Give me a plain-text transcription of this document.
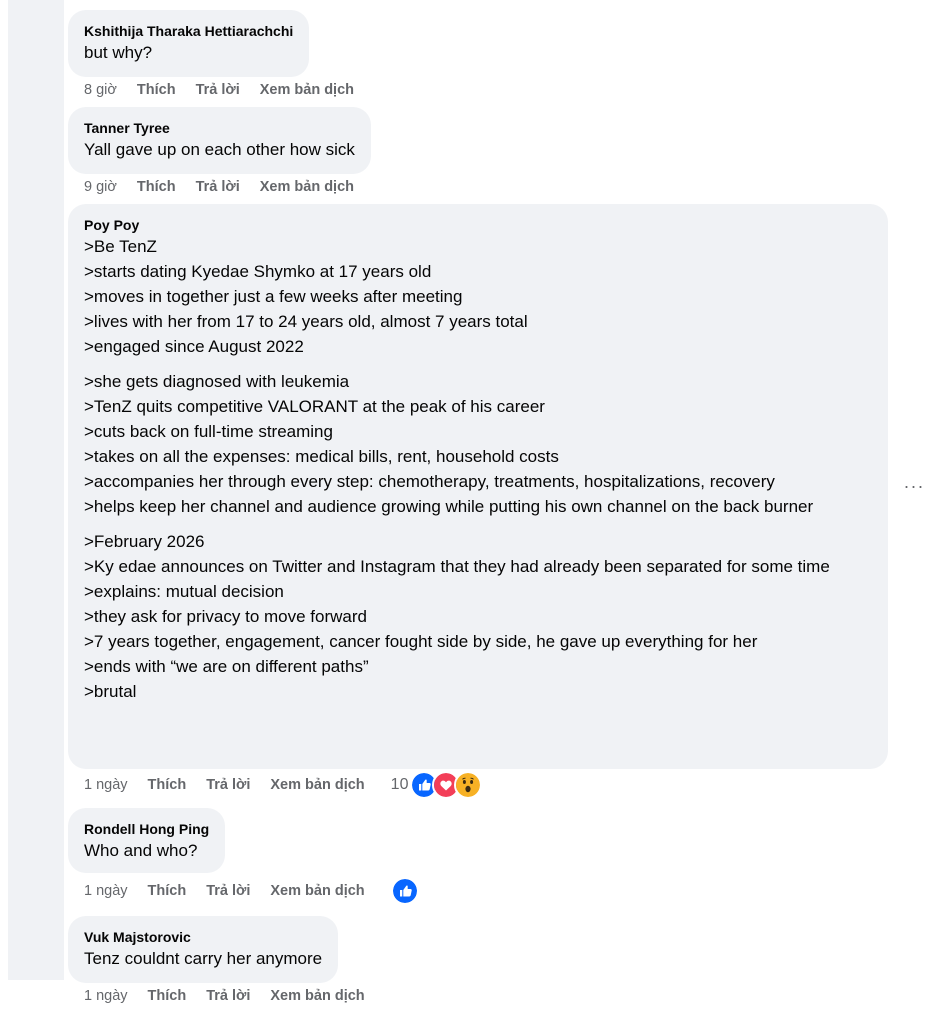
Kshithija Tharaka Hettiarachchi
but why?
8 giờ Thích Trả lời Xem bản dịch
Tanner Tyree
Yall gave up on each other how sick
9 giờ Thích Trả lời Xem bản dịch
Poy Poy
>Be TenZ
>starts dating Kyedae Shymko at 17 years old
>moves in together just a few weeks after meeting
>lives with her from 17 to 24 years old, almost 7 years total
>engaged since August 2022
>she gets diagnosed with leukemia
>TenZ quits competitive VALORANT at the peak of his career
>cuts back on full-time streaming
>takes on all the expenses: medical bills, rent, household costs
>accompanies her through every step: chemotherapy, treatments, hospitalizations, recovery
>helps keep her channel and audience growing while putting his own channel on the back burner
>February 2026
>Ky edae announces on Twitter and Instagram that they had already been separated for some time
>explains: mutual decision
>they ask for privacy to move forward
>7 years together, engagement, cancer fought side by side, he gave up everything for her
>ends with “we are on different paths”
>brutal
···
1 ngày Thích Trả lời Xem bản dịch 10
Rondell Hong Ping
Who and who?
1 ngày Thích Trả lời Xem bản dịch
Vuk Majstorovic
Tenz couldnt carry her anymore
1 ngày Thích Trả lời Xem bản dịch
